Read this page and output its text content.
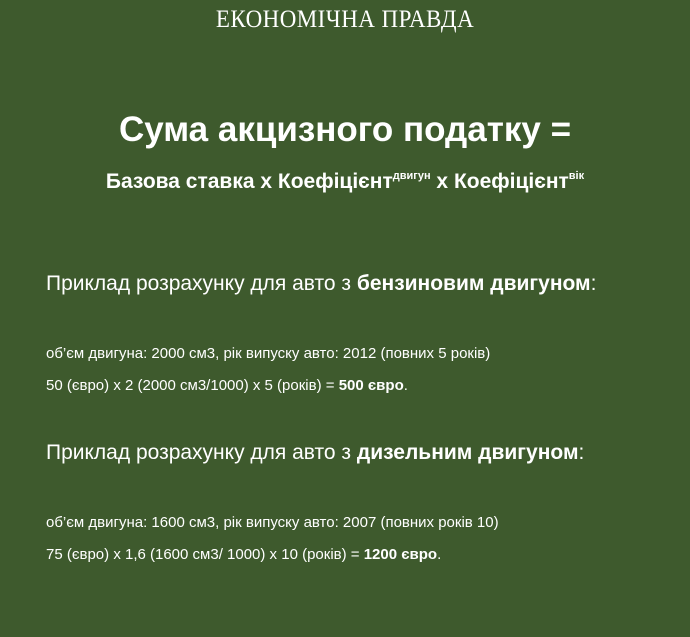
ЕКОНОМІЧНА ПРАВДА
Сума акцизного податку =
Базова ставка х Коефіцієнт$^{двигун}$ х Коефіцієнт$^{вік}$
Приклад розрахунку для авто з бензиновим двигуном:
об’єм двигуна: 2000 см3, рік випуску авто: 2012 (повних 5 років)
50 (євро) х 2 (2000 см3/1000) х 5 (років) = 500 євро.
Приклад розрахунку для авто з дизельним двигуном:
об’єм двигуна: 1600 см3, рік випуску авто: 2007 (повних років 10)
75 (євро) х 1,6 (1600 см3/ 1000) х 10 (років) = 1200 євро.
